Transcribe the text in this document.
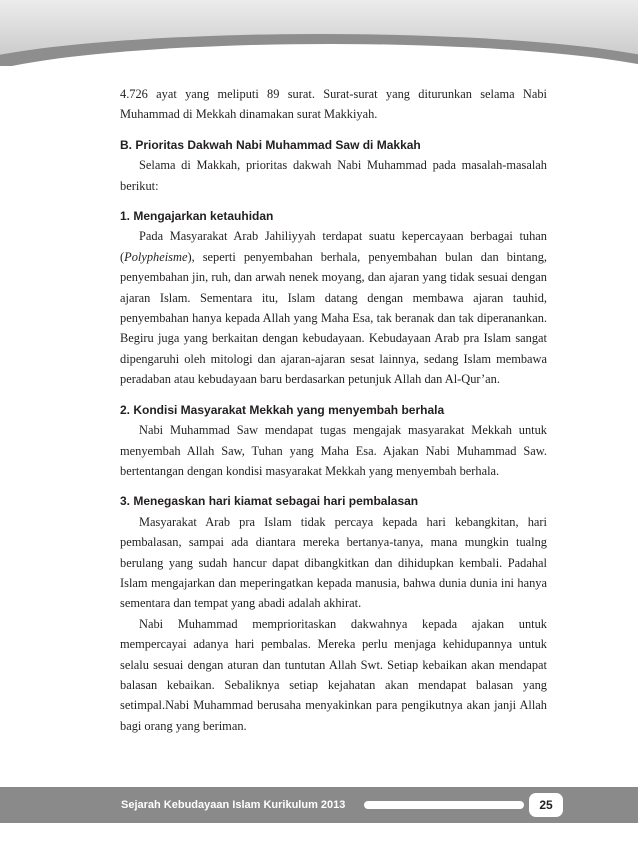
4.726 ayat yang meliputi 89 surat. Surat-surat yang diturunkan selama Nabi Muhammad di Mekkah dinamakan surat Makkiyah.

B. Prioritas Dakwah Nabi Muhammad Saw di Makkah

Selama di Makkah, prioritas dakwah Nabi Muhammad pada masalah-masalah berikut:

1. Mengajarkan ketauhidan

Pada Masyarakat Arab Jahiliyyah terdapat suatu kepercayaan berbagai tuhan (Polypheisme), seperti penyembahan berhala, penyembahan bulan dan bintang, penyembahan jin, ruh, dan arwah nenek moyang, dan ajaran yang tidak sesuai dengan ajaran Islam. Sementara itu, Islam datang dengan membawa ajaran tauhid, penyembahan hanya kepada Allah yang Maha Esa, tak beranak dan tak diperanankan. Begiru juga yang berkaitan dengan kebudayaan. Kebudayaan Arab pra Islam sangat dipengaruhi oleh mitologi dan ajaran-ajaran sesat lainnya, sedang Islam membawa peradaban atau kebudayaan baru berdasarkan petunjuk Allah dan Al-Qur’an.

2. Kondisi Masyarakat Mekkah yang menyembah berhala

Nabi Muhammad Saw mendapat tugas mengajak masyarakat Mekkah untuk menyembah Allah Saw, Tuhan yang Maha Esa. Ajakan Nabi Muhammad Saw. bertentangan dengan kondisi masyarakat Mekkah yang menyembah berhala.

3. Menegaskan hari kiamat sebagai hari pembalasan

Masyarakat Arab pra Islam tidak percaya kepada hari kebangkitan, hari pembalasan, sampai ada diantara mereka bertanya-tanya, mana mungkin tualng berulang yang sudah hancur dapat dibangkitkan dan dihidupkan kembali. Padahal Islam mengajarkan dan meperingatkan kepada manusia, bahwa dunia dunia ini hanya sementara dan tempat yang abadi adalah akhirat.

Nabi Muhammad memprioritaskan dakwahnya kepada ajakan untuk mempercayai adanya hari pembalas. Mereka perlu menjaga kehidupannya untuk selalu sesuai dengan aturan dan tuntutan Allah Swt. Setiap kebaikan akan mendapat balasan kebaikan. Sebaliknya setiap kejahatan akan mendapat balasan yang setimpal.Nabi Muhammad berusaha menyakinkan para pengikutnya akan janji Allah bagi orang yang beriman.

Sejarah Kebudayaan Islam Kurikulum 2013	25
